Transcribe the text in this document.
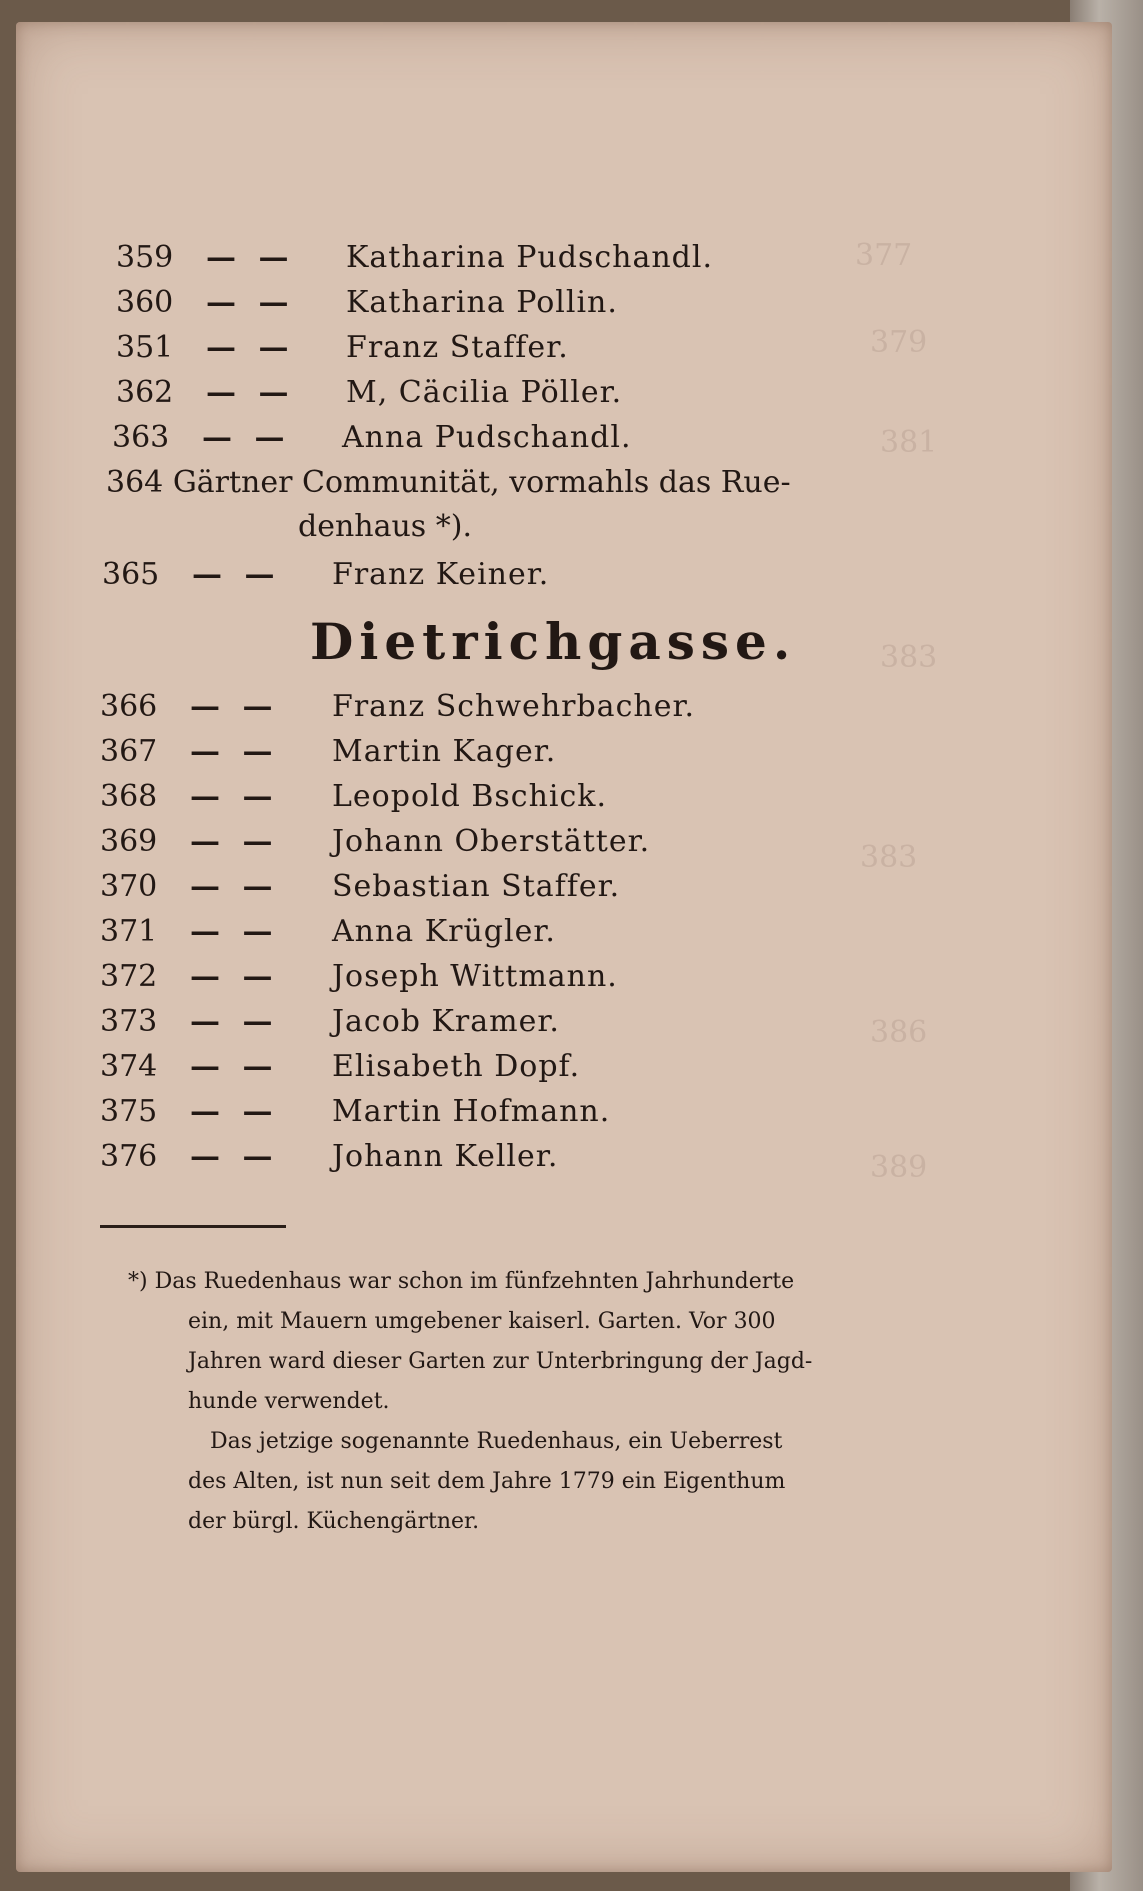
377
379
381
383
383
386
389
359	— —	Katharina Pudschandl.
360	— —	Katharina Pollin.
351	— —	Franz Staffer.
362	— —	M, Cäcilia Pöller.
363	— —	Anna Pudschandl.
364 Gärtner Communität, vormahls das Rue-
denhaus *).
365	— —	Franz Keiner.
Dietrichgasse.
366	— —	Franz Schwehrbacher.
367	— —	Martin Kager.
368	— —	Leopold Bschick.
369	— —	Johann Oberstätter.
370	— —	Sebastian Staffer.
371	— —	Anna Krügler.
372	— —	Joseph Wittmann.
373	— —	Jacob Kramer.
374	— —	Elisabeth Dopf.
375	— —	Martin Hofmann.
376	— —	Johann Keller.

*) Das Ruedenhaus war schon im fünfzehnten Jahrhunderte

ein, mit Mauern umgebener kaiserl. Garten. Vor 300

Jahren ward dieser Garten zur Unterbringung der Jagd-

hunde verwendet.

Das jetzige sogenannte Ruedenhaus, ein Ueberrest

des Alten, ist nun seit dem Jahre 1779 ein Eigenthum

der bürgl. Küchengärtner.
